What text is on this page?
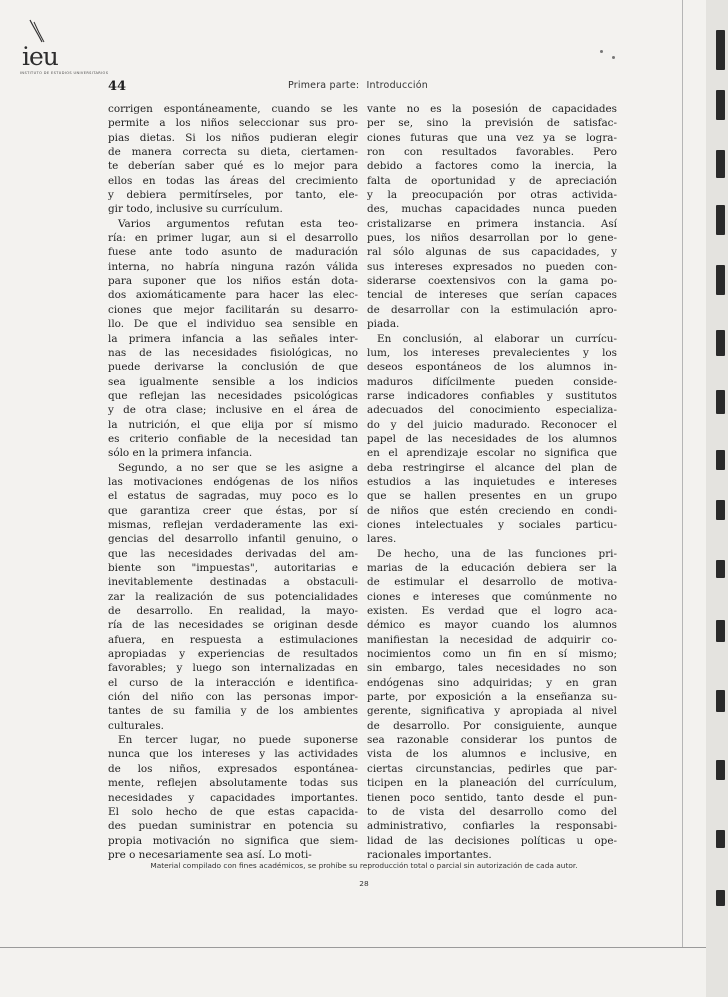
ieu
INSTITUTO DE ESTUDIOS UNIVERSITARIOS
44	Primera parte: Introducción
corrigen espontáneamente, cuando se les
permite a los niños seleccionar sus pro-
pias dietas. Si los niños pudieran elegir
de manera correcta su dieta, ciertamen-
te deberían saber qué es lo mejor para
ellos en todas las áreas del crecimiento
y debiera permitírseles, por tanto, ele-
gir todo, inclusive su currículum.
Varios argumentos refutan esta teo-
ría: en primer lugar, aun si el desarrollo
fuese ante todo asunto de maduración
interna, no habría ninguna razón válida
para suponer que los niños están dota-
dos axiomáticamente para hacer las elec-
ciones que mejor facilitarán su desarro-
llo. De que el individuo sea sensible en
la primera infancia a las señales inter-
nas de las necesidades fisiológicas, no
puede derivarse la conclusión de que
sea igualmente sensible a los indicios
que reflejan las necesidades psicológicas
y de otra clase; inclusive en el área de
la nutrición, el que elija por sí mismo
es criterio confiable de la necesidad tan
sólo en la primera infancia.
Segundo, a no ser que se les asigne a
las motivaciones endógenas de los niños
el estatus de sagradas, muy poco es lo
que garantiza creer que éstas, por sí
mismas, reflejan verdaderamente las exi-
gencias del desarrollo infantil genuino, o
que las necesidades derivadas del am-
biente son "impuestas", autoritarias e
inevitablemente destinadas a obstaculi-
zar la realización de sus potencialidades
de desarrollo. En realidad, la mayo-
ría de las necesidades se originan desde
afuera, en respuesta a estimulaciones
apropiadas y experiencias de resultados
favorables; y luego son internalizadas en
el curso de la interacción e identifica-
ción del niño con las personas impor-
tantes de su familia y de los ambientes
culturales.
En tercer lugar, no puede suponerse
nunca que los intereses y las actividades
de los niños, expresados espontánea-
mente, reflejen absolutamente todas sus
necesidades y capacidades importantes.
El solo hecho de que estas capacida-
des puedan suministrar en potencia su
propia motivación no significa que siem-
pre o necesariamente sea así. Lo moti-
vante no es la posesión de capacidades
per se, sino la previsión de satisfac-
ciones futuras que una vez ya se logra-
ron con resultados favorables. Pero
debido a factores como la inercia, la
falta de oportunidad y de apreciación
y la preocupación por otras activida-
des, muchas capacidades nunca pueden
cristalizarse en primera instancia. Así
pues, los niños desarrollan por lo gene-
ral sólo algunas de sus capacidades, y
sus intereses expresados no pueden con-
siderarse coextensivos con la gama po-
tencial de intereses que serían capaces
de desarrollar con la estimulación apro-
piada.
En conclusión, al elaborar un currícu-
lum, los intereses prevalecientes y los
deseos espontáneos de los alumnos in-
maduros difícilmente pueden conside-
rarse indicadores confiables y sustitutos
adecuados del conocimiento especializa-
do y del juicio madurado. Reconocer el
papel de las necesidades de los alumnos
en el aprendizaje escolar no significa que
deba restringirse el alcance del plan de
estudios a las inquietudes e intereses
que se hallen presentes en un grupo
de niños que estén creciendo en condi-
ciones intelectuales y sociales particu-
lares.
De hecho, una de las funciones pri-
marias de la educación debiera ser la
de estimular el desarrollo de motiva-
ciones e intereses que comúnmente no
existen. Es verdad que el logro aca-
démico es mayor cuando los alumnos
manifiestan la necesidad de adquirir co-
nocimientos como un fin en sí mismo;
sin embargo, tales necesidades no son
endógenas sino adquiridas; y en gran
parte, por exposición a la enseñanza su-
gerente, significativa y apropiada al nivel
de desarrollo. Por consiguiente, aunque
sea razonable considerar los puntos de
vista de los alumnos e inclusive, en
ciertas circunstancias, pedirles que par-
ticipen en la planeación del currículum,
tienen poco sentido, tanto desde el pun-
to de vista del desarrollo como del
administrativo, confiarles la responsabi-
lidad de las decisiones políticas u ope-
racionales importantes.
Material compilado con fines académicos, se prohíbe su reproducción total o parcial sin autorización de cada autor.
28
